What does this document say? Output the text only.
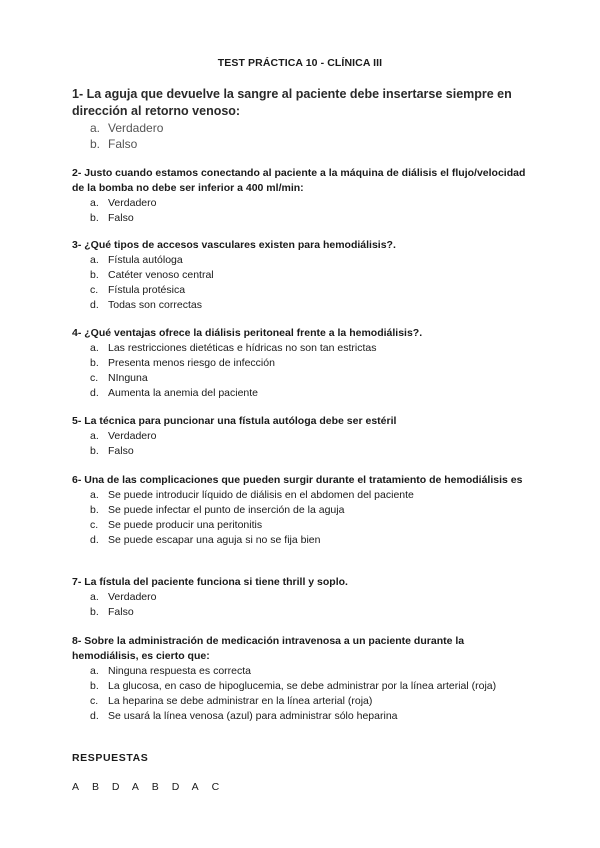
TEST PRÁCTICA 10 - CLÍNICA III

1- La aguja que devuelve la sangre al paciente debe insertarse siempre en dirección al retorno venoso:

a. Verdadero
b. Falso

2- Justo cuando estamos conectando al paciente a la máquina de diálisis el flujo/velocidad de la bomba no debe ser inferior a 400 ml/min:

a. Verdadero
b. Falso

3- ¿Qué tipos de accesos vasculares existen para hemodiálisis?.

a. Fístula autóloga
b. Catéter venoso central
c. Fístula protésica
d. Todas son correctas

4- ¿Qué ventajas ofrece la diálisis peritoneal frente a la hemodiálisis?.

a. Las restricciones dietéticas e hídricas no son tan estrictas
b. Presenta menos riesgo de infección
c. NInguna
d. Aumenta la anemia del paciente

5- La técnica para puncionar una fístula autóloga debe ser estéril

a. Verdadero
b. Falso

6- Una de las complicaciones que pueden surgir durante el tratamiento de hemodiálisis es

a. Se puede introducir líquido de diálisis en el abdomen del paciente
b. Se puede infectar el punto de inserción de la aguja
c. Se puede producir una peritonitis
d. Se puede escapar una aguja si no se fija bien

7- La fístula del paciente funciona si tiene thrill y soplo.

a. Verdadero
b. Falso

8- Sobre la administración de medicación intravenosa a un paciente durante la hemodiálisis, es cierto que:

a. Ninguna respuesta es correcta
b. La glucosa, en caso de hipoglucemia, se debe administrar por la línea arterial (roja)
c. La heparina se debe administrar en la línea arterial (roja)
d. Se usará la línea venosa (azul) para administrar sólo heparina
RESPUESTAS
A B D A B D A C
